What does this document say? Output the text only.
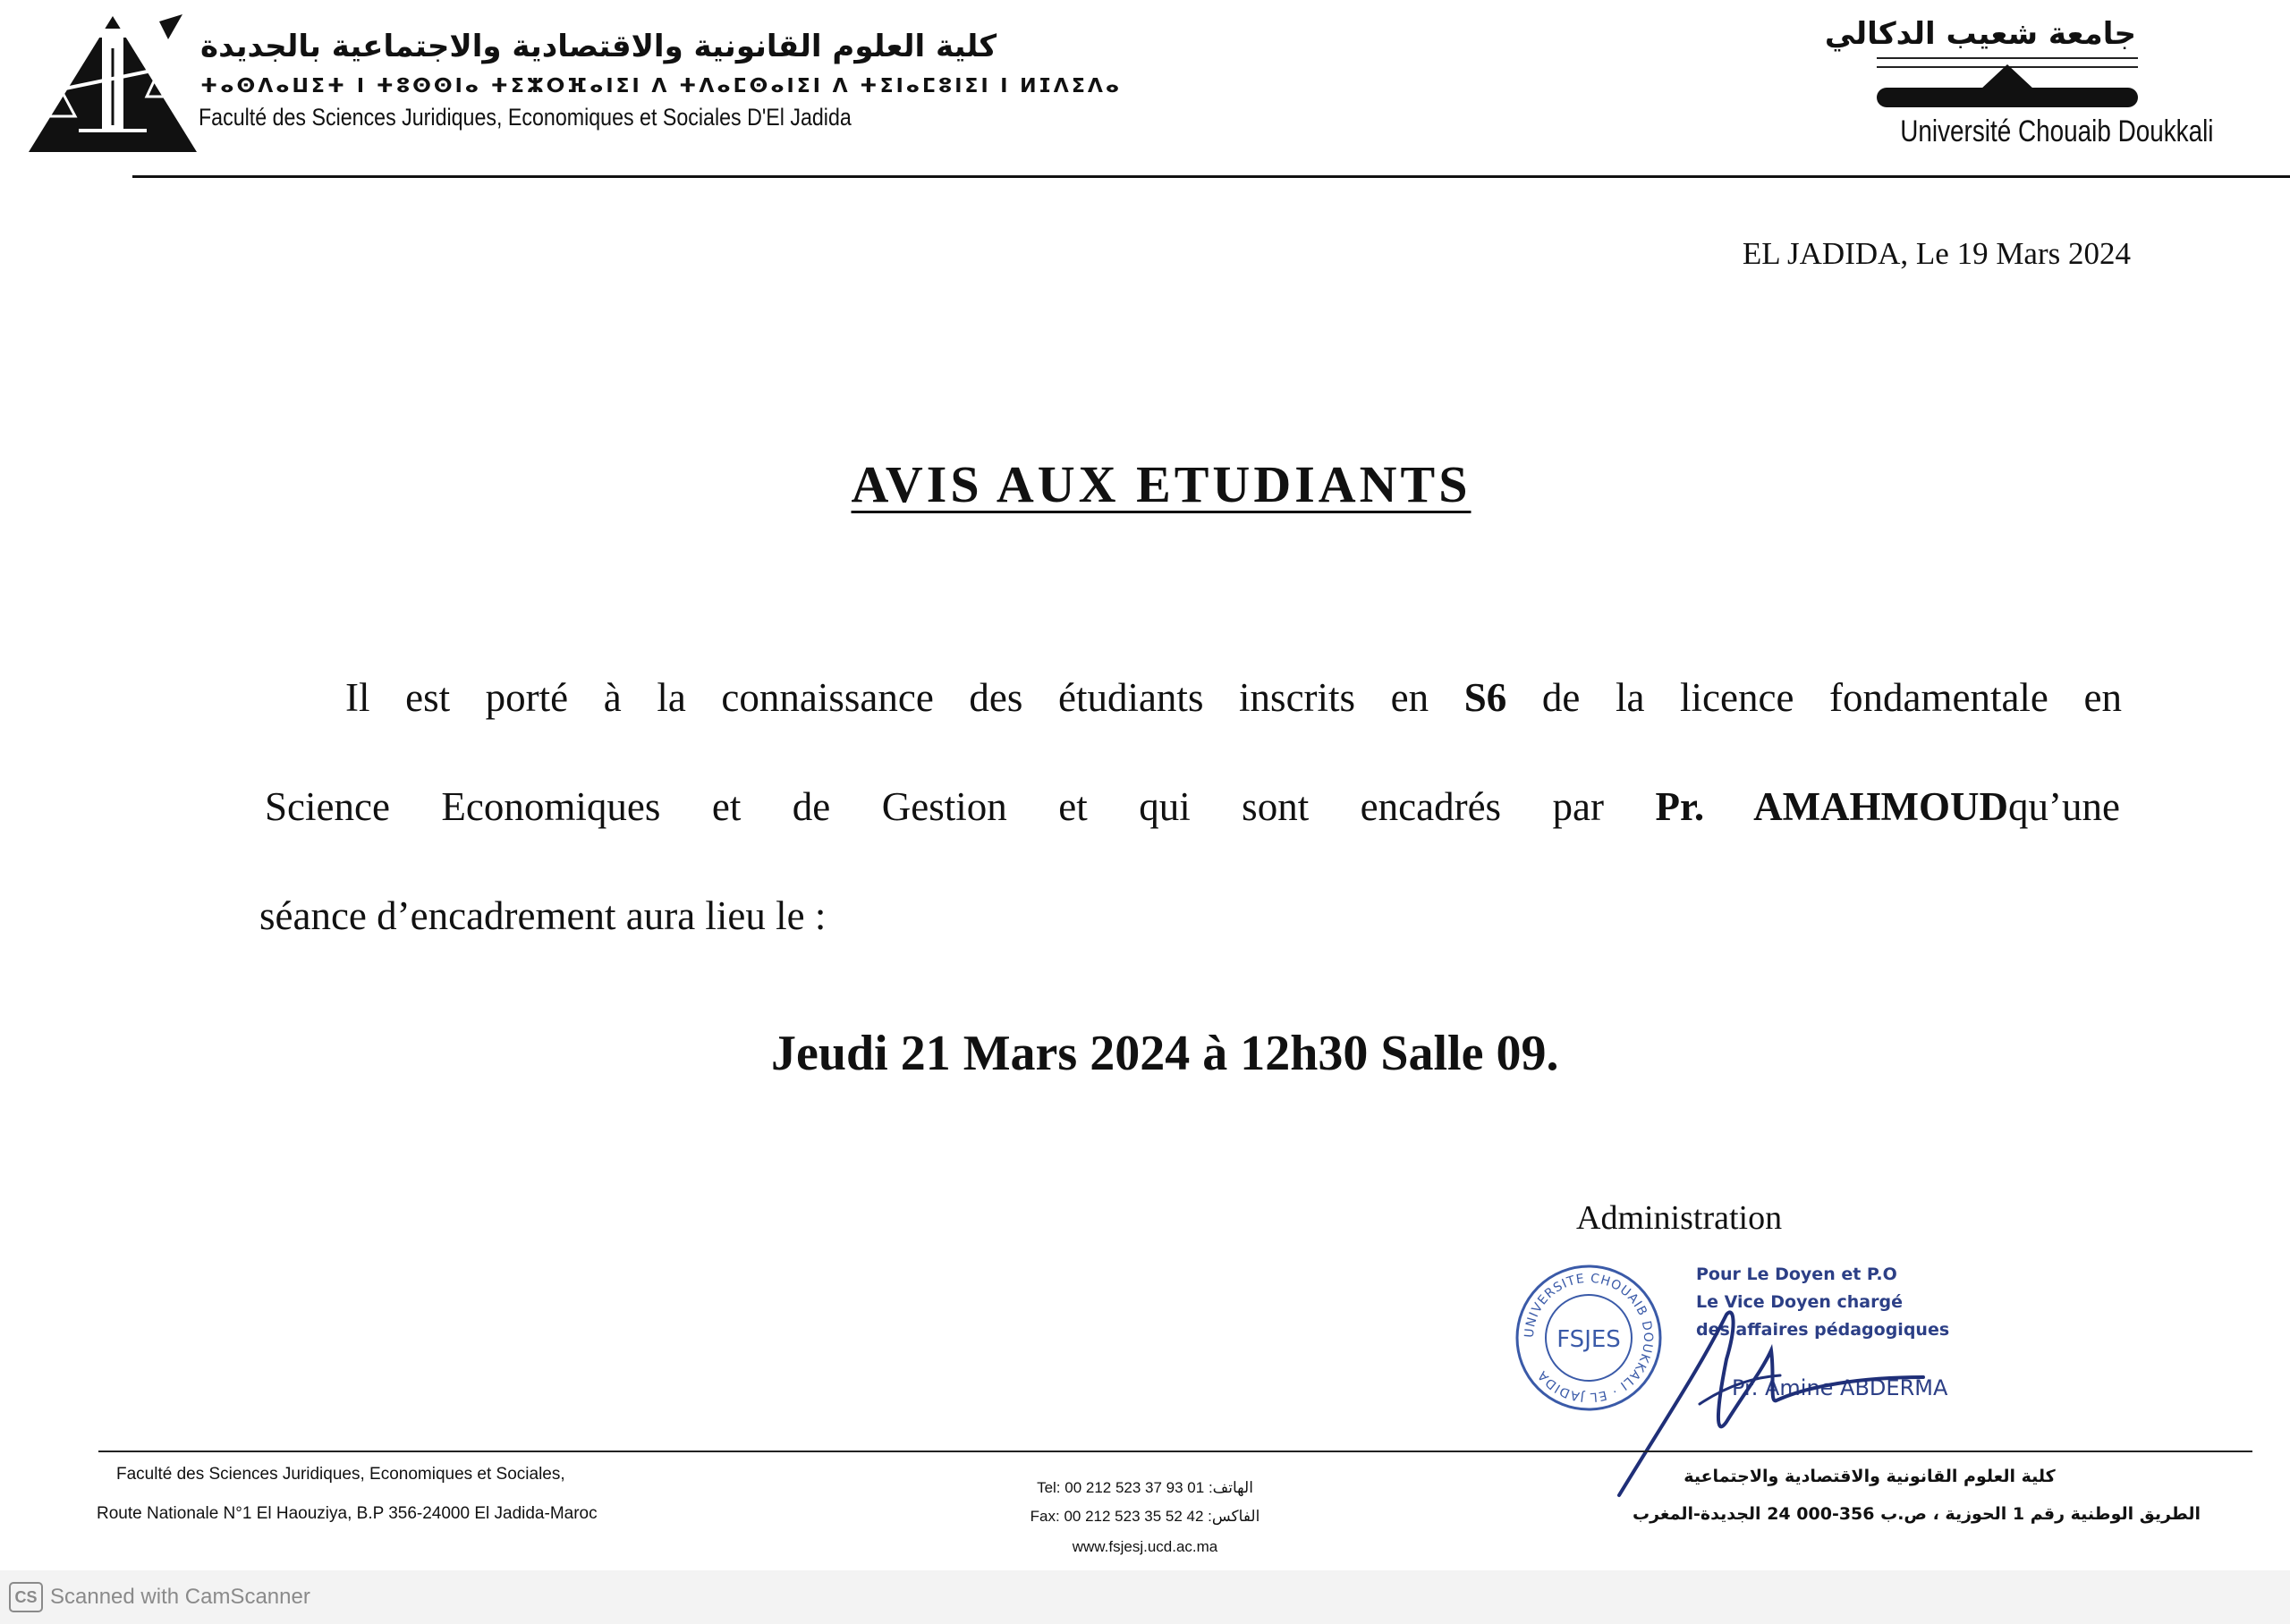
كلية العلوم القانونية والاقتصادية والاجتماعية بالجديدة
ⵜⴰⵙⴷⴰⵡⵉⵜ ⵏ ⵜⵓⵙⵙⵏⴰ ⵜⵉⵣⵔⴼⴰⵏⵉⵏ ⴷ ⵜⴷⴰⵎⵙⴰⵏⵉⵏ ⴷ ⵜⵉⵏⴰⵎⵓⵏⵉⵏ ⵏ ⵍⵊⴷⵉⴷⴰ
Faculté des Sciences Juridiques, Economiques et Sociales D'El Jadida
جامعة شعيب الدكالي
Université Chouaib Doukkali
EL JADIDA, Le 19 Mars 2024
AVIS AUX ETUDIANTS
Il est porté à la connaissance des étudiants inscrits en S6 de la licence fondamentale en
Science Economiques et de Gestion et qui sont encadrés par Pr. AMAHMOUDqu’une
séance d’encadrement aura lieu le :
Jeudi 21 Mars 2024 à 12h30 Salle 09.
Administration
UNIVERSITE CHOUAIB DOUKKALI · EL JADIDA
FSJES
Pour Le Doyen et P.O
Le Vice Doyen chargé
des affaires pédagogiques
Pr. Amine ABDERMA
Faculté des Sciences Juridiques, Economiques et Sociales,
Route Nationale N°1 El Haouziya, B.P 356-24000 El Jadida-Maroc
Tel: 00 212 523 37 93 01 :الهاتف
Fax: 00 212 523 35 52 42 :الفاكس
www.fsjesj.ucd.ac.ma
كلية العلوم القانونية والاقتصادية والاجتماعية
الطريق الوطنية رقم 1 الحوزية ، ص.ب 356-000 24 الجديدة-المغرب
CS Scanned with CamScanner
